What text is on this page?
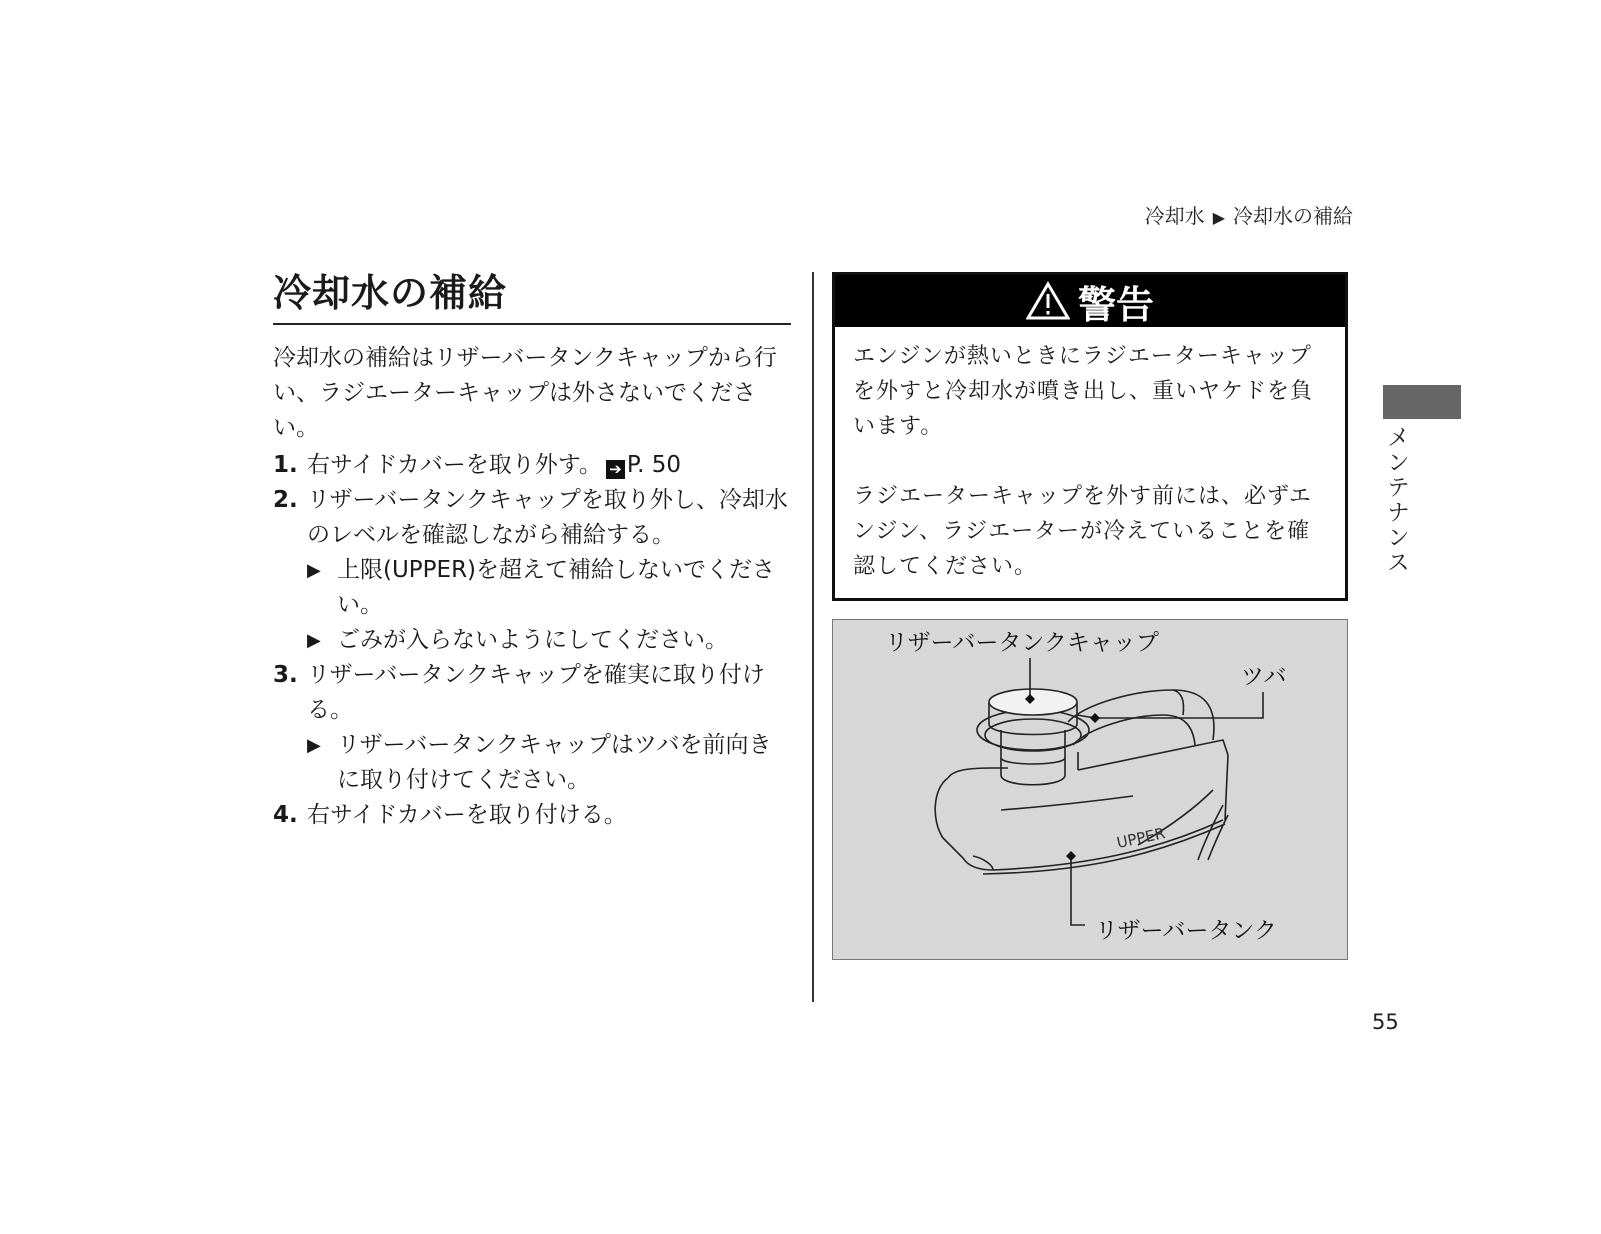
冷却水 ▶ 冷却水の補給
冷却水の補給

冷却水の補給はリザーバータンクキャップから行い、ラジエーターキャップは外さないでください。

1. 右サイドカバーを取り外す。 ➔ P. 50
2. リザーバータンクキャップを取り外し、冷却水のレベルを確認しながら補給する。
▶ 上限(UPPER)を超えて補給しないでください。
▶ ごみが入らないようにしてください。
3. リザーバータンクキャップを確実に取り付ける。
▶ リザーバータンクキャップはツバを前向きに取り付けてください。
4. 右サイドカバーを取り付ける。
警告

エンジンが熱いときにラジエーターキャップを外すと冷却水が噴き出し、重いヤケドを負います。

ラジエーターキャップを外す前には、必ずエンジン、ラジエーターが冷えていることを確認してください。

UPPER
リザーバータンクキャップ
ツバ
リザーバータンク
メンテナンス
55
